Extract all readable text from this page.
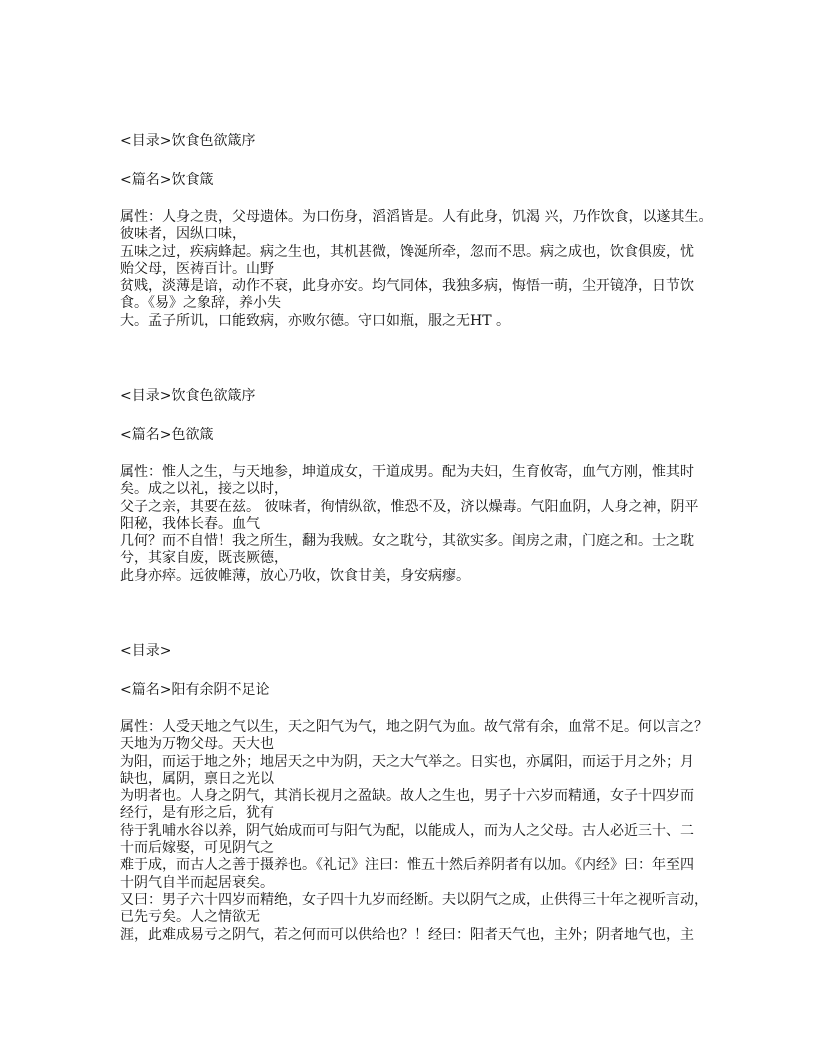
<目录>饮食色欲箴序
<篇名>饮食箴
属性：人身之贵，父母遗体。为口伤身，滔滔皆是。人有此身，饥渴 兴，乃作饮食，以遂其生。
彼味者，因纵口味，
五味之过，疾病蜂起。病之生也，其机甚微，馋涎所牵，忽而不思。病之成也，饮食俱废，忧
贻父母，医祷百计。山野
贫贱，淡薄是谙，动作不衰，此身亦安。均气同体，我独多病，悔悟一萌，尘开镜净，日节饮
食。《易》之象辞，养小失
大。孟子所讥，口能致病，亦败尔德。守口如瓶，服之无HT 。
<目录>饮食色欲箴序
<篇名>色欲箴
属性：惟人之生，与天地参，坤道成女，干道成男。配为夫妇，生育攸寄，血气方刚，惟其时
矣。成之以礼，接之以时，
父子之亲，其要在兹。 彼味者，徇情纵欲，惟恐不及，济以燥毒。气阳血阴，人身之神，阴平
阳秘，我体长春。血气
几何？而不自惜！我之所生，翻为我贼。女之耽兮，其欲实多。闺房之肃，门庭之和。士之耽
兮，其家自废，既丧厥德，
此身亦瘁。远彼帷薄，放心乃收，饮食甘美，身安病瘳。
<目录>
<篇名>阳有余阴不足论
属性：人受天地之气以生，天之阳气为气，地之阴气为血。故气常有余，血常不足。何以言之？
天地为万物父母。天大也
为阳，而运于地之外；地居天之中为阴，天之大气举之。日实也，亦属阳，而运于月之外；月
缺也，属阴，禀日之光以
为明者也。人身之阴气，其消长视月之盈缺。故人之生也，男子十六岁而精通，女子十四岁而
经行，是有形之后，犹有
待于乳哺水谷以养，阴气始成而可与阳气为配，以能成人，而为人之父母。古人必近三十、二
十而后嫁娶，可见阴气之
难于成，而古人之善于摄养也。《礼记》注曰：惟五十然后养阴者有以加。《内经》曰：年至四
十阴气自半而起居衰矣。
又曰：男子六十四岁而精绝，女子四十九岁而经断。夫以阴气之成，止供得三十年之视听言动，
已先亏矣。人之情欲无
涯，此难成易亏之阴气，若之何而可以供给也？！经曰：阳者天气也，主外；阴者地气也，主
